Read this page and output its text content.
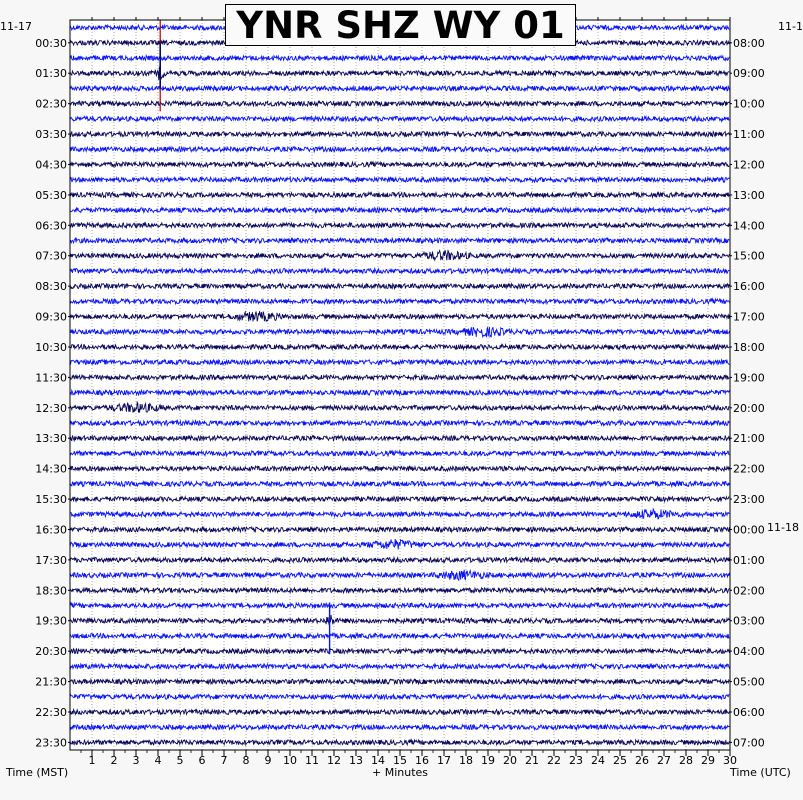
1 2 3 4 5 6 7 8 9 10 11 12 13 14 15 16 17 18 19 20 21 22 23 24 25 26 27 28 29 30
00:30
01:30
02:30
03:30
04:30
05:30
06:30
07:30
08:30
09:30
10:30
11:30
12:30
13:30
14:30
15:30
16:30
17:30
18:30
19:30
20:30
21:30
22:30
23:30
08:00
09:00
10:00
11:00
12:00
13:00
14:00
15:00
16:00
17:00
18:00
19:00
20:00
21:00
22:00
23:00
00:00
01:00
02:00
03:00
04:00
05:00
06:00
07:00
YNR SHZ WY 01
11-17	11-1
11-18
Time (MST)	+ Minutes	Time (UTC)
